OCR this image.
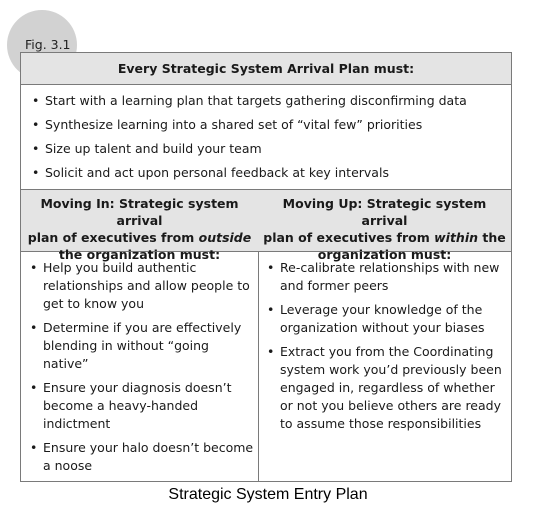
Fig. 3.1
Every Strategic System Arrival Plan must:
• Start with a learning plan that targets gathering disconfirming data
• Synthesize learning into a shared set of “vital few” priorities
• Size up talent and build your team
• Solicit and act upon personal feedback at key intervals
Moving In: Strategic system arrival
plan of executives from outside
the organization must:
• Help you build authentic relationships and allow people to get to know you
• Determine if you are effectively blending in without “going native”
• Ensure your diagnosis doesn’t become a heavy-handed indictment
• Ensure your halo doesn’t become a noose
Moving Up: Strategic system arrival
plan of executives from within the
organization must:
• Re-calibrate relationships with new and former peers
• Leverage your knowledge of the organization without your biases
• Extract you from the Coordinating system work you’d previously been engaged in, regardless of whether or not you believe others are ready to assume those responsibilities
Strategic System Entry Plan
